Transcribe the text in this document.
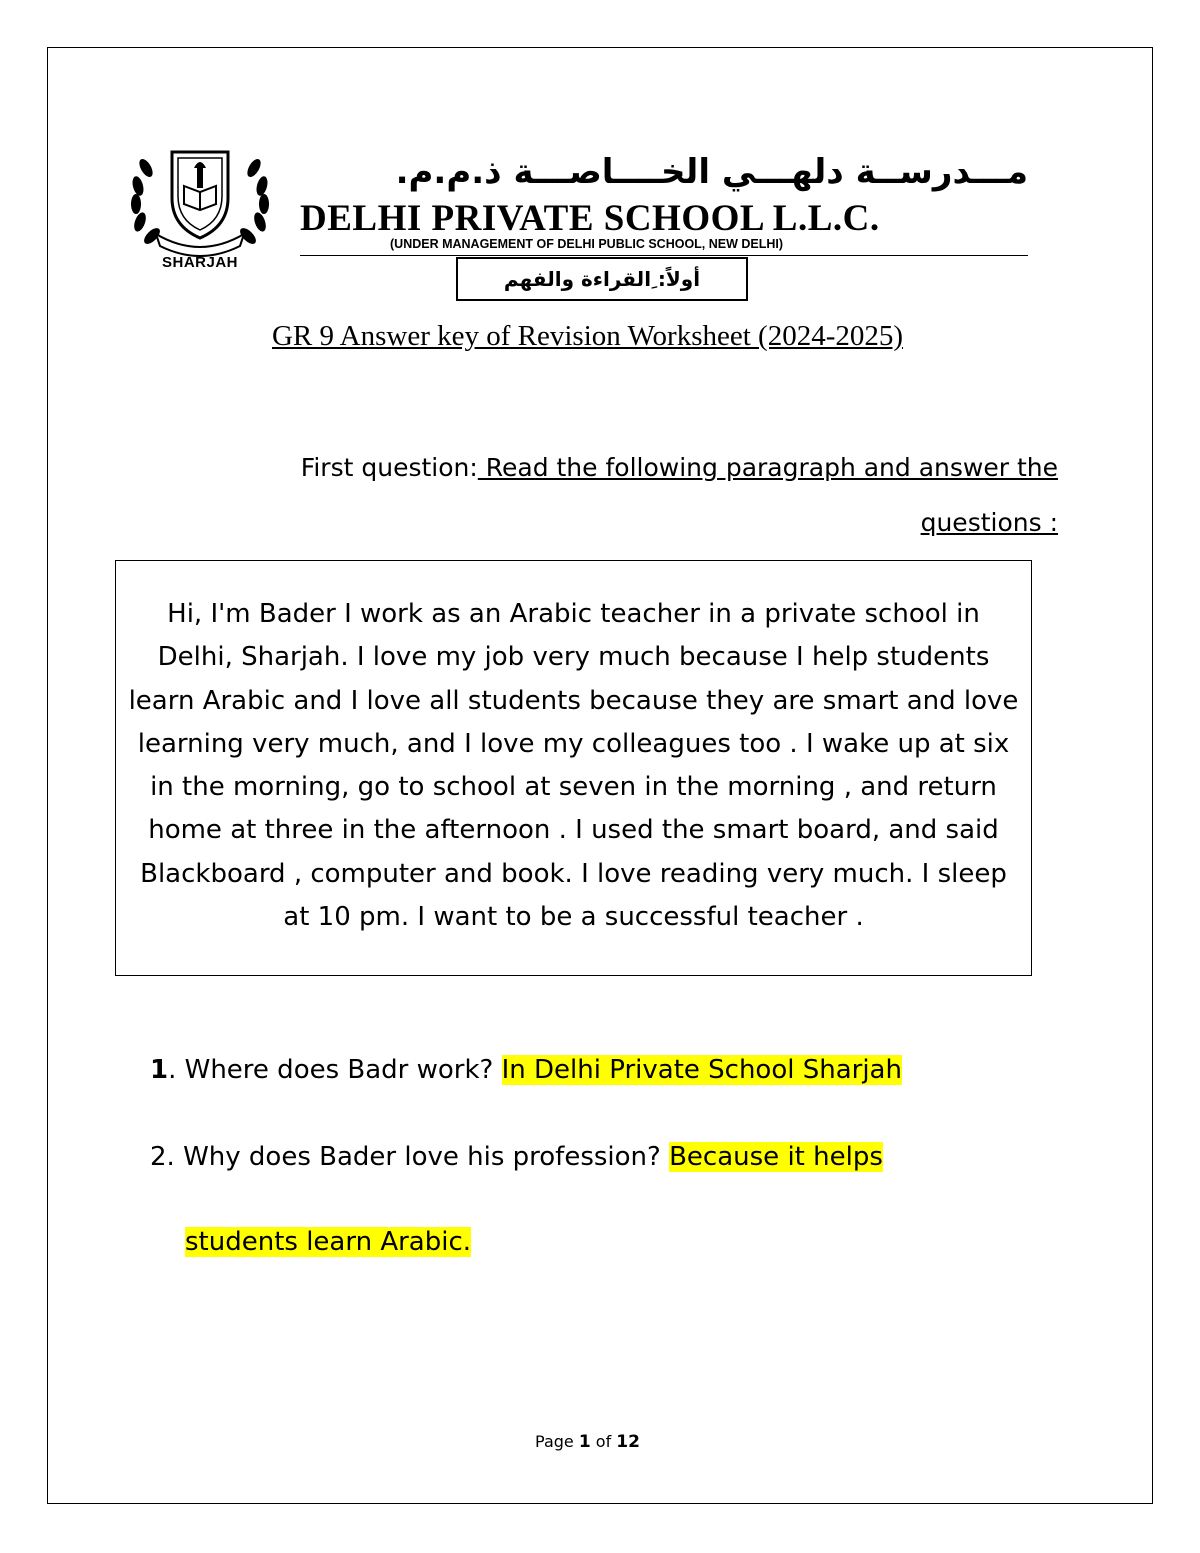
SHARJAH
مـــدرســة دلهـــي الخــــاصـــة ذ.م.م.
DELHI PRIVATE SCHOOL L.L.C.
(UNDER MANAGEMENT OF DELHI PUBLIC SCHOOL, NEW DELHI)
أولاً: ِالقراءة والفهم
GR 9 Answer key of Revision Worksheet (2024-2025)
First question: Read the following paragraph and answer the
questions :
Hi, I'm Bader I work as an Arabic teacher in a private school in Delhi, Sharjah. I love my job very much because I help students learn Arabic and I love all students because they are smart and love learning very much, and I love my colleagues too . I wake up at six in the morning, go to school at seven in the morning , and return home at three in the afternoon . I used the smart board, and said Blackboard , computer and book. I love reading very much. I sleep at 10 pm. I want to be a successful teacher .
1. Where does Badr work? In Delhi Private School Sharjah
2. Why does Bader love his profession? Because it helps
students learn Arabic.
Page 1 of 12
